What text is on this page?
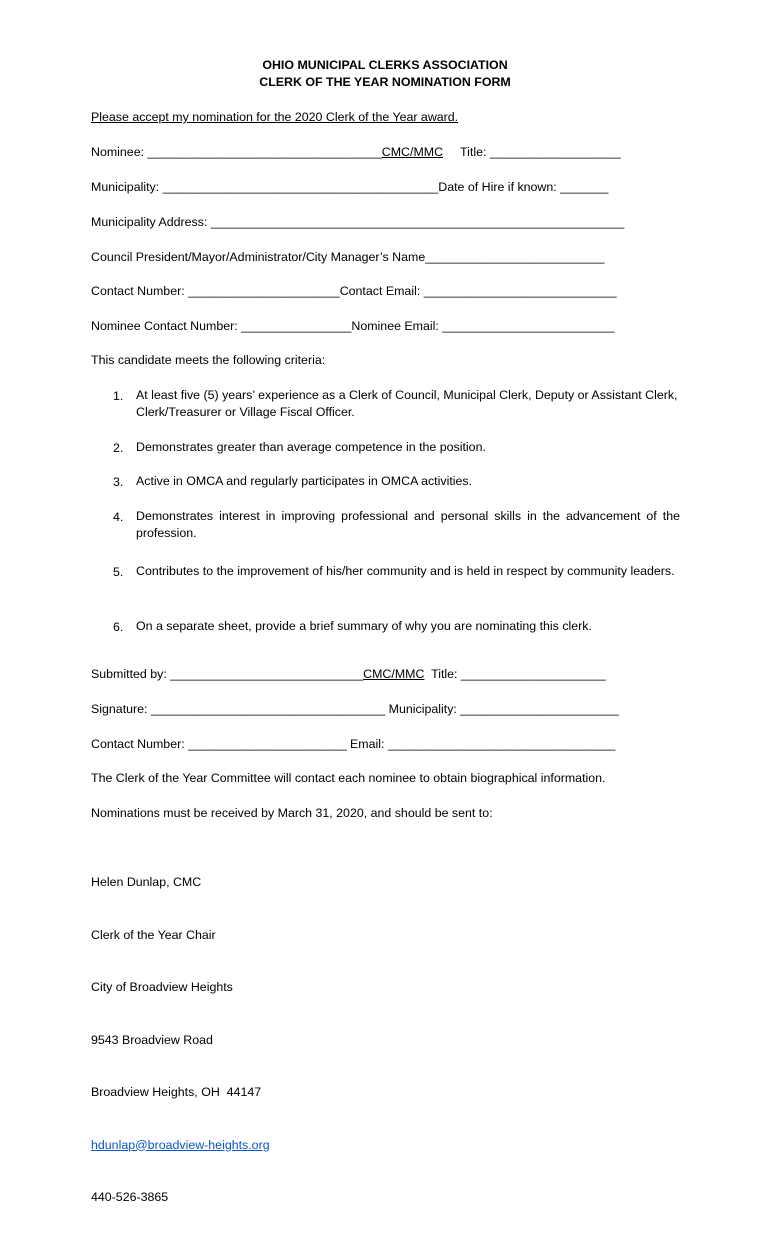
OHIO MUNICIPAL CLERKS ASSOCIATION
CLERK OF THE YEAR NOMINATION FORM
Please accept my nomination for the 2020 Clerk of the Year award.
Nominee: __________________________________CMC/MMC Title: ___________________
Municipality: ________________________________________Date of Hire if known: _______
Municipality Address: ____________________________________________________________
Council President/Mayor/Administrator/City Manager’s Name__________________________
Contact Number: ______________________Contact Email: ____________________________
Nominee Contact Number: ________________Nominee Email: _________________________
This candidate meets the following criteria:
1. At least five (5) years’ experience as a Clerk of Council, Municipal Clerk, Deputy or Assistant Clerk, Clerk/Treasurer or Village Fiscal Officer.
2. Demonstrates greater than average competence in the position.
3. Active in OMCA and regularly participates in OMCA activities.
4. Demonstrates interest in improving professional and personal skills in the advancement of the profession.
5. Contributes to the improvement of his/her community and is held in respect by community leaders.
6. On a separate sheet, provide a brief summary of why you are nominating this clerk.
Submitted by: ____________________________CMC/MMC  Title: _____________________
Signature: __________________________________ Municipality: _______________________
Contact Number: _______________________ Email: _________________________________
The Clerk of the Year Committee will contact each nominee to obtain biographical information.
Nominations must be received by March 31, 2020, and should be sent to:

Helen Dunlap, CMC

Clerk of the Year Chair

City of Broadview Heights

9543 Broadview Road

Broadview Heights, OH  44147

hdunlap@broadview-heights.org

440-526-3865
